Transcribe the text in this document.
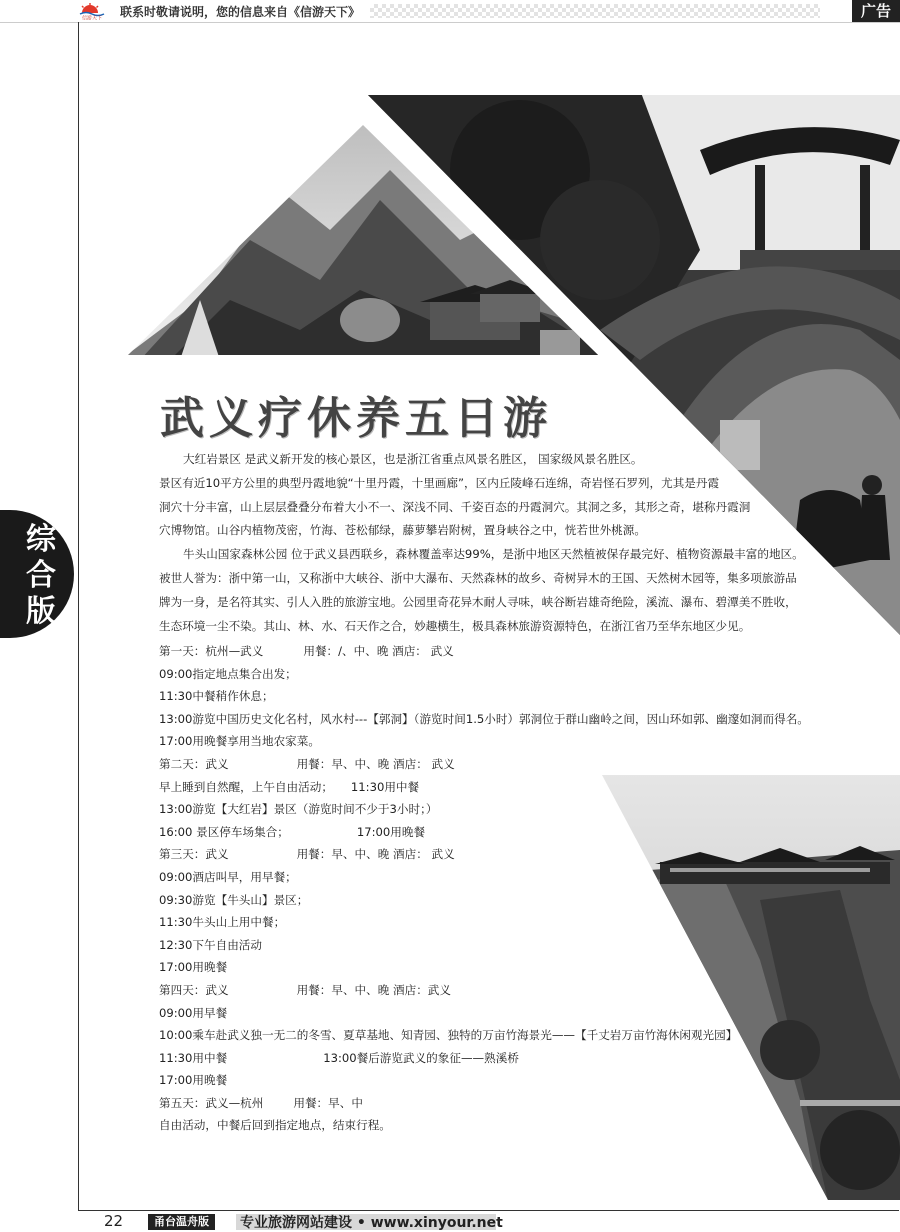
信游天下 联系时敬请说明，您的信息来自《信游天下》	广告
综
合
版
武义疗休养五日游

大红岩景区 是武义新开发的核心景区，也是浙江省重点风景名胜区， 国家级风景名胜区。

景区有近10平方公里的典型丹霞地貌“十里丹霞，十里画廊”，区内丘陵峰石连绵，奇岩怪石罗列，尤其是丹霞

洞穴十分丰富，山上层层叠叠分布着大小不一、深浅不同、千姿百态的丹霞洞穴。其洞之多，其形之奇，堪称丹霞洞

穴博物馆。山谷内植物茂密，竹海、苍松郁绿，藤萝攀岩附树，置身峡谷之中，恍若世外桃源。

牛头山国家森林公园 位于武义县西联乡，森林覆盖率达99%，是浙中地区天然植被保存最完好、植物资源最丰富的地区。

被世人誉为：浙中第一山，又称浙中大峡谷、浙中大瀑布、天然森林的故乡、奇树异木的王国、天然树木园等，集多项旅游品

牌为一身，是名符其实、引人入胜的旅游宝地。公园里奇花异木耐人寻味，峡谷断岩雄奇绝险，溪流、瀑布、碧潭美不胜收，

生态环境一尘不染。其山、林、水、石天作之合，妙趣横生，极具森林旅游资源特色，在浙江省乃至华东地区少见。

第一天：杭州—武义	用餐：/、中、晚 酒店： 武义

09:00指定地点集合出发；

11:30中餐稍作休息；

13:00游览中国历史文化名村，风水村---【郭洞】（游览时间1.5小时）郭洞位于群山幽岭之间，因山环如郭、幽邃如洞而得名。

17:00用晚餐享用当地农家菜。

第二天：武义	用餐：早、中、晚 酒店： 武义

早上睡到自然醒，上午自由活动； 11:30用中餐

13:00游览【大红岩】景区（游览时间不少于3小时；）

16:00 景区停车场集合；	17:00用晚餐

第三天：武义	用餐：早、中、晚 酒店： 武义

09:00酒店叫早，用早餐；

09:30游览【牛头山】景区；

11:30牛头山上用中餐；

12:30下午自由活动

17:00用晚餐

第四天：武义	用餐：早、中、晚 酒店：武义

09:00用早餐

10:00乘车赴武义独一无二的冬雪、夏草基地、知青园、独特的万亩竹海景光——【千丈岩万亩竹海休闲观光园】

11:30用中餐	13:00餐后游览武义的象征——熟溪桥

17:00用晚餐

第五天：武义—杭州	用餐：早、中

自由活动，中餐后回到指定地点，结束行程。

22	甬台温舟版	专业旅游网站建设 • www.xinyour.net
